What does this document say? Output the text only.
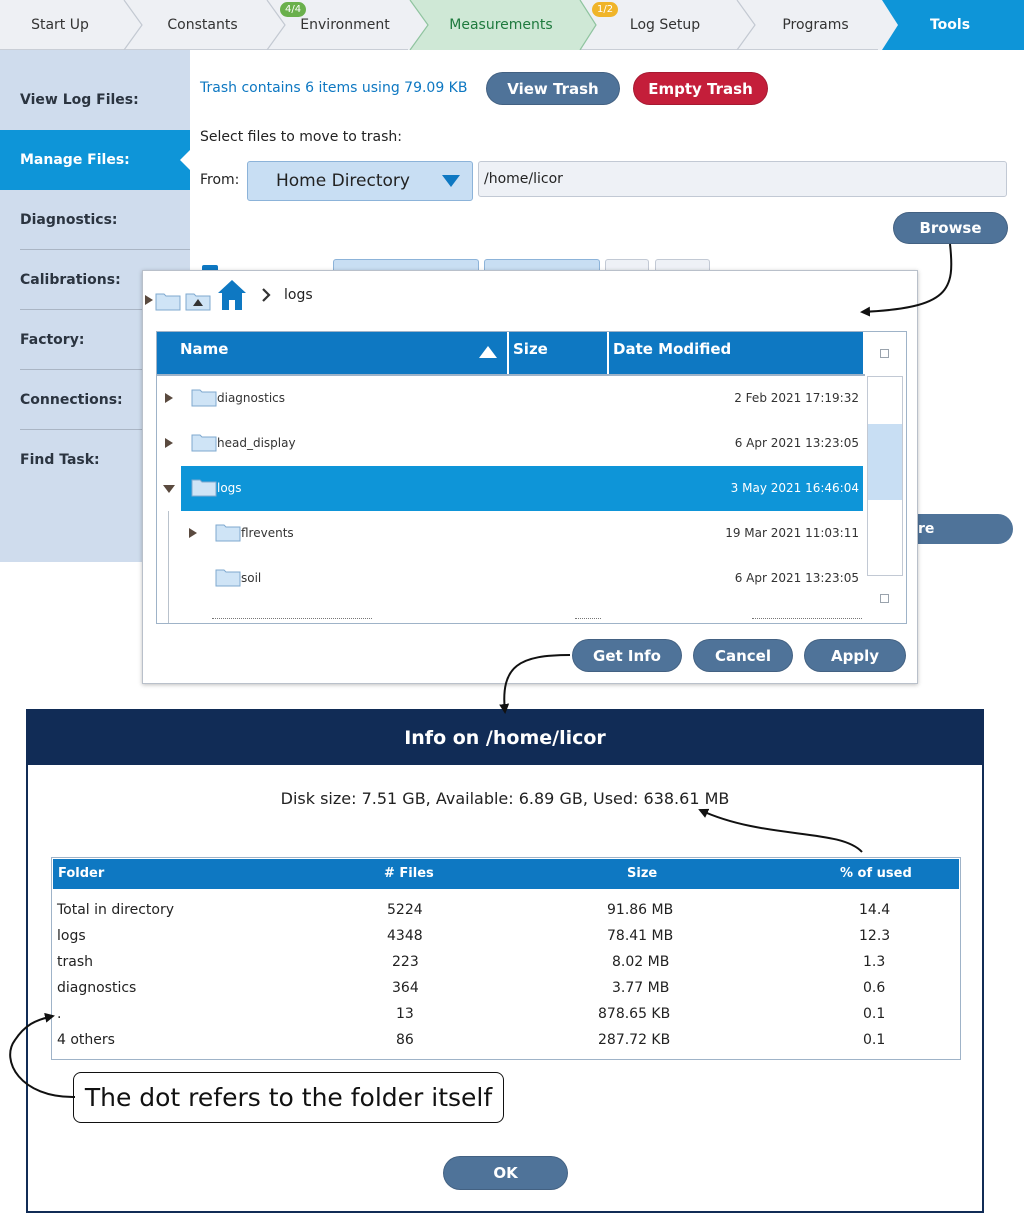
Start Up	Constants	Environment	Measurements	Log Setup	Programs	Tools
4/4	1/2
View Log Files:
Manage Files:
Diagnostics:
Calibrations:
Factory:
Connections:
Find Task:
Trash contains 6 items using 79.09 KB	View Trash	Empty Trash
Select files to move to trash:
From: Home Directory	/home/licor
Browse
re
logs
Name	Size	Date Modified
diagnostics	2 Feb 2021 17:19:32
head_display	6 Apr 2021 13:23:05
logs	3 May 2021 16:46:04
flrevents	19 Mar 2021 11:03:11
soil	6 Apr 2021 13:23:05
Get Info	Cancel	Apply
Info on /home/licor
Disk size: 7.51 GB, Available: 6.89 GB, Used: 638.61 MB
Folder	# Files	Size	% of used
Total in directory	5224	91.86 MB	14.4
logs	4348	78.41 MB	12.3
trash	223	8.02 MB	1.3
diagnostics	364	3.77 MB	0.6
.	13	878.65 KB	0.1
4 others	86	287.72 KB	0.1
OK
The dot refers to the folder itself
